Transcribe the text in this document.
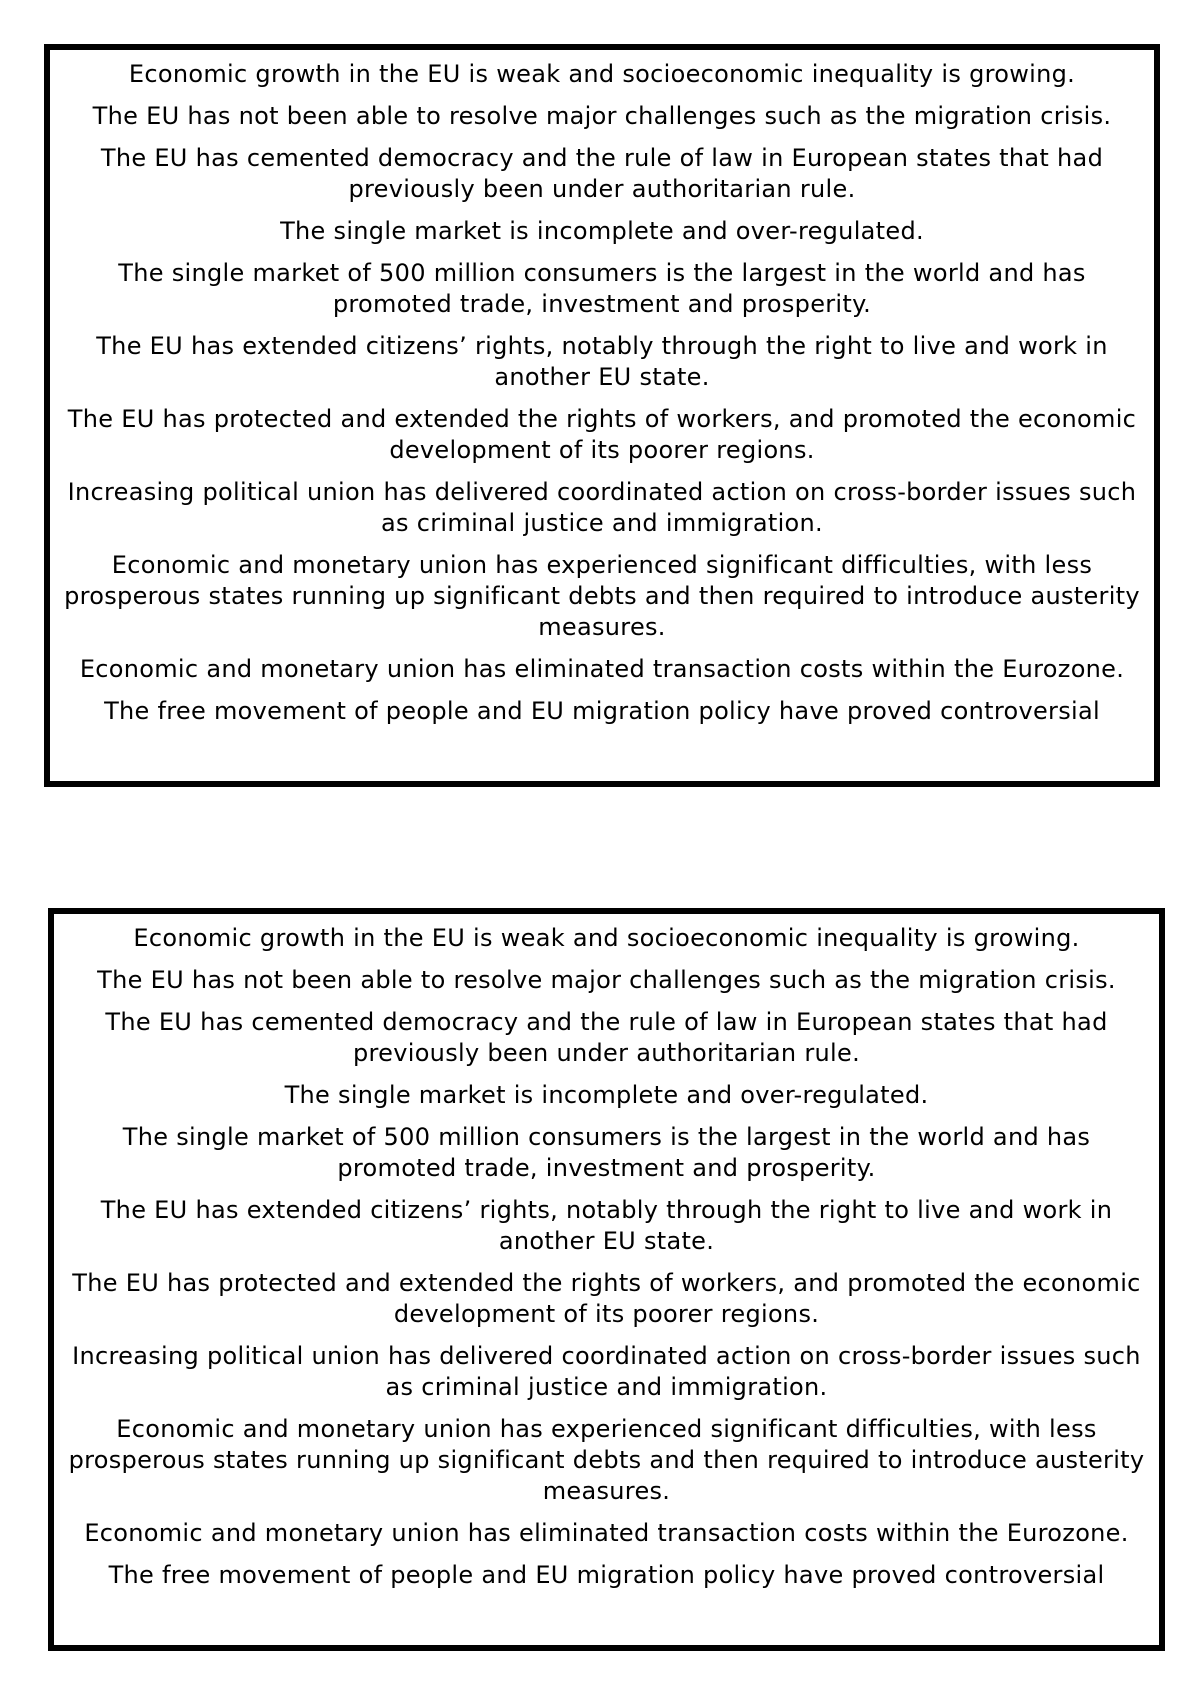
Economic growth in the EU is weak and socioeconomic inequality is growing.

The EU has not been able to resolve major challenges such as the migration crisis.

The EU has cemented democracy and the rule of law in European states that had previously been under authoritarian rule.

The single market is incomplete and over-regulated.

The single market of 500 million consumers is the largest in the world and has promoted trade, investment and prosperity.

The EU has extended citizens’ rights, notably through the right to live and work in another EU state.

The EU has protected and extended the rights of workers, and promoted the economic development of its poorer regions.

Increasing political union has delivered coordinated action on cross-border issues such as criminal justice and immigration.

Economic and monetary union has experienced significant difficulties, with less prosperous states running up significant debts and then required to introduce austerity measures.

Economic and monetary union has eliminated transaction costs within the Eurozone.

The free movement of people and EU migration policy have proved controversial

Economic growth in the EU is weak and socioeconomic inequality is growing.

The EU has not been able to resolve major challenges such as the migration crisis.

The EU has cemented democracy and the rule of law in European states that had previously been under authoritarian rule.

The single market is incomplete and over-regulated.

The single market of 500 million consumers is the largest in the world and has promoted trade, investment and prosperity.

The EU has extended citizens’ rights, notably through the right to live and work in another EU state.

The EU has protected and extended the rights of workers, and promoted the economic development of its poorer regions.

Increasing political union has delivered coordinated action on cross-border issues such as criminal justice and immigration.

Economic and monetary union has experienced significant difficulties, with less prosperous states running up significant debts and then required to introduce austerity measures.

Economic and monetary union has eliminated transaction costs within the Eurozone.

The free movement of people and EU migration policy have proved controversial
